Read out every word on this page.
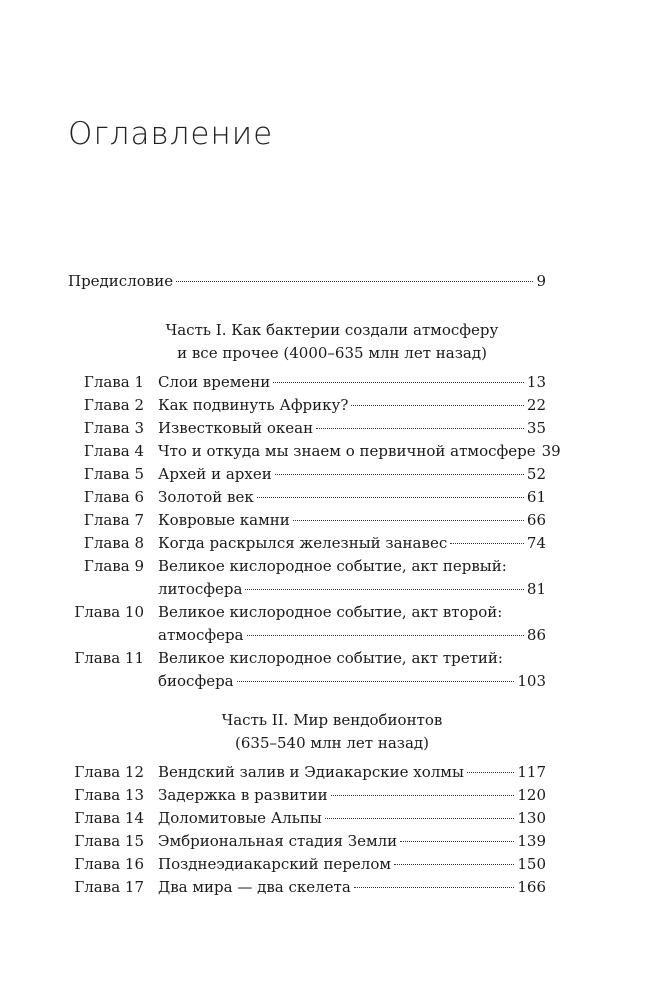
Оглавление
Предисловие	9
Часть I. Как бактерии создали атмосферу
и все прочее (4000–635 млн лет назад)
Глава 1 Слои времени	13
Глава 2 Как подвинуть Африку?	22
Глава 3 Известковый океан	35
Глава 4 Что и откуда мы знаем о первичной атмосфере 39
Глава 5 Архей и археи	52
Глава 6 Золотой век	61
Глава 7 Ковровые камни	66
Глава 8 Когда раскрылся железный занавес	74
Глава 9 Великое кислородное событие, акт первый:
литосфера	81
Глава 10 Великое кислородное событие, акт второй:
атмосфера	86
Глава 11 Великое кислородное событие, акт третий:
биосфера	103
Часть II. Мир вендобионтов
(635–540 млн лет назад)
Глава 12 Вендский залив и Эдиакарские холмы	117
Глава 13 Задержка в развитии	120
Глава 14 Доломитовые Альпы	130
Глава 15 Эмбриональная стадия Земли	139
Глава 16 Позднеэдиакарский перелом	150
Глава 17 Два мира — два скелета	166
